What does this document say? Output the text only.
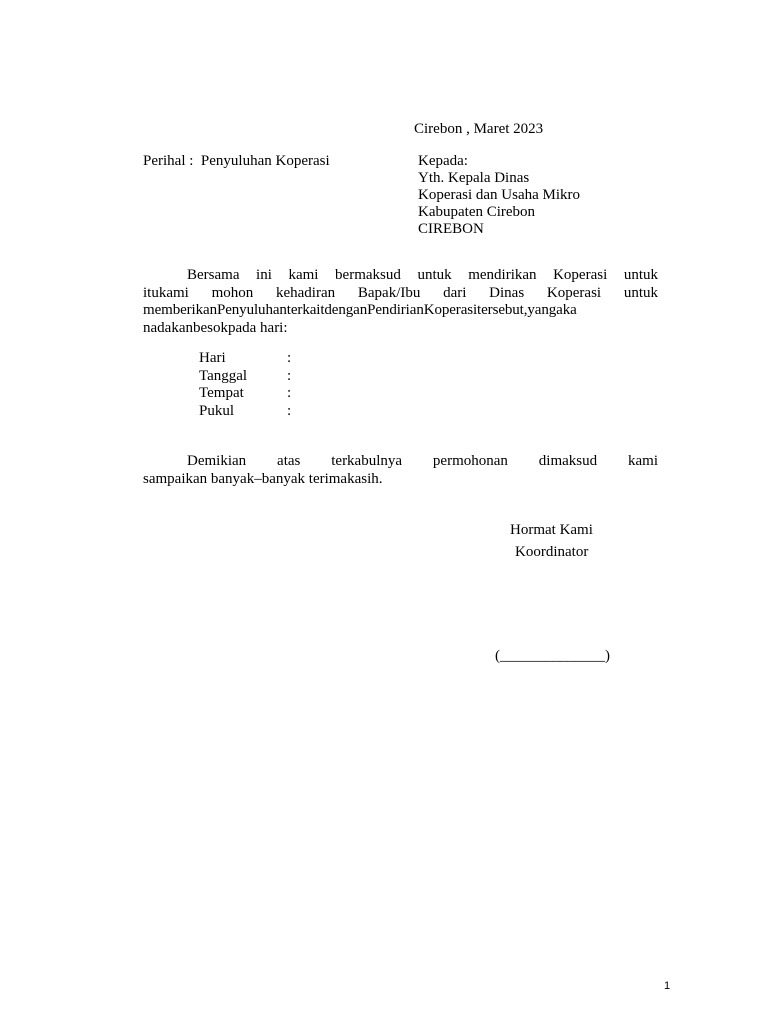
Cirebon , Maret 2023
Perihal : Penyuluhan Koperasi	Kepada:
Yth. Kepala Dinas
Koperasi dan Usaha Mikro
Kabupaten Cirebon
CIREBON

Bersama ini kami bermaksud untuk mendirikan Koperasi untuk

itukami mohon kehadiran Bapak/Ibu dari Dinas Koperasi untuk

memberikanPenyuluhanterkaitdenganPendirianKoperasitersebut,yangaka

nadakanbesokpada hari:

Hari	:
Tanggal	:
Tempat	:
Pukul	:

Demikian atas terkabulnya permohonan dimaksud kami

sampaikan banyak–banyak terimakasih.

Hormat Kami
Koordinator
(______________)
1
